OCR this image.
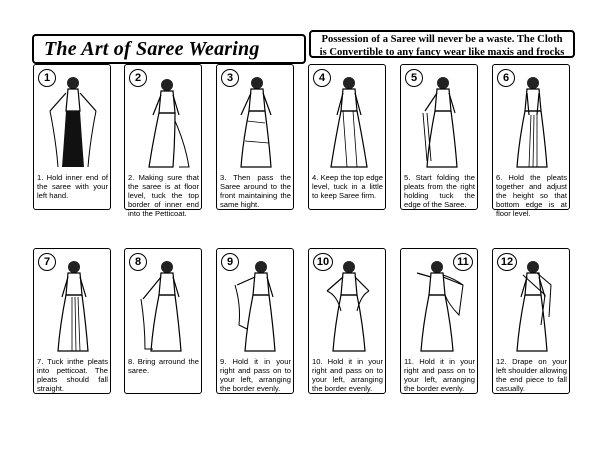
The Art of Saree Wearing	Possession of a Saree will never be a waste. The Cloth
is Convertible to any fancy wear like maxis and frocks
1
1. Hold inner end of the saree with your left hand.
2
2. Making sure that the saree is at floor level, tuck the top border of inner end into the Petticoat.
3
3. Then pass the Saree around to the front maintaining the same hight.
4
4. Keep the top edge level, tuck in a little to keep Saree firm.
5
5. Start folding the pleats from the right holding tuck the edge of the Saree.
6
6. Hold the pleats together and adjust the height so that bottom edge is at floor level.
7
7. Tuck inthe pleats into petticoat. The pleats should fall straight.
8
8. Bring arround the saree.
9
9. Hold it in your right and pass on to your left, arranging the border evenly.
10
10. Hold it in your right and pass on to your left, arranging the border evenly.
11
11. Hold it in your right and pass on to your left, arranging the border evenly.
12
12. Drape on your left shoulder allowing the end piece to fall casually.
